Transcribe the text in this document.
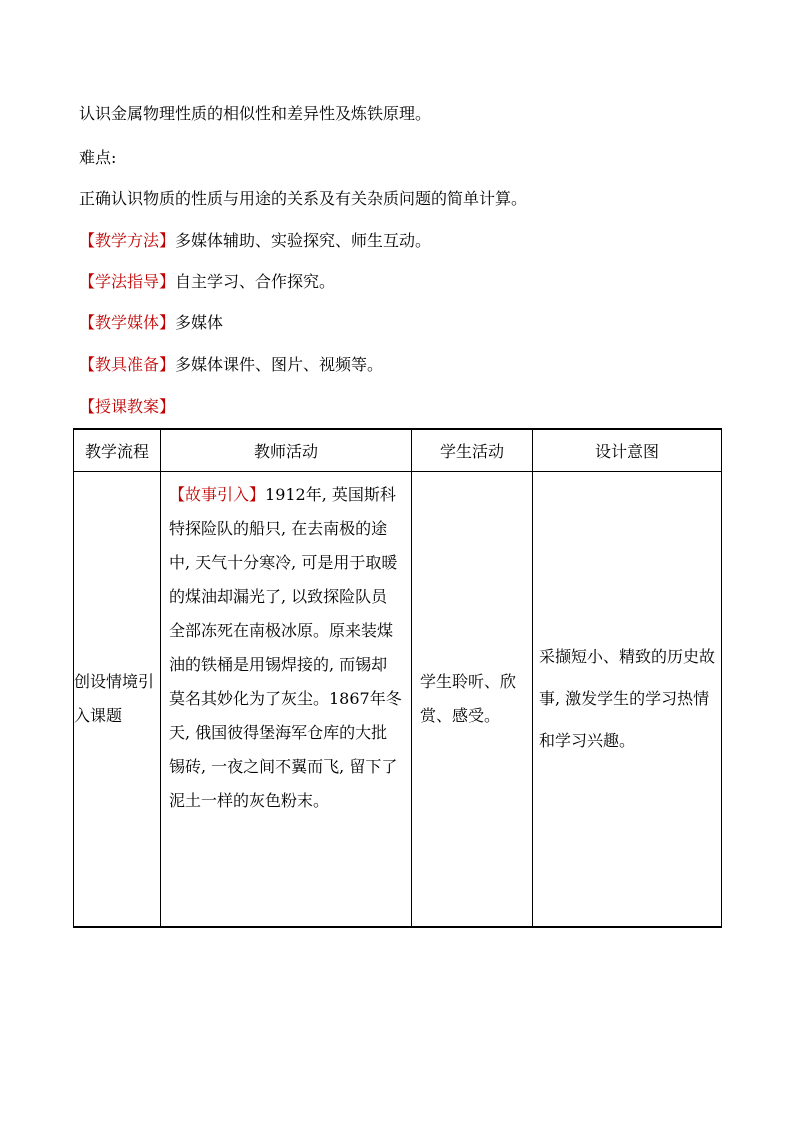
认识金属物理性质的相似性和差异性及炼铁原理。
难点:
正确认识物质的性质与用途的关系及有关杂质问题的简单计算。
【教学方法】多媒体辅助、实验探究、师生互动。
【学法指导】自主学习、合作探究。
【教学媒体】多媒体
【教具准备】多媒体课件、图片、视频等。
【授课教案】
教学流程	教师活动	学生活动	设计意图
创设情境引入课题	【故事引入】1912年, 英国斯科特探险队的船只, 在去南极的途中, 天气十分寒冷, 可是用于取暖的煤油却漏光了, 以致探险队员全部冻死在南极冰原。原来装煤油的铁桶是用锡焊接的, 而锡却莫名其妙化为了灰尘。1867年冬天, 俄国彼得堡海军仓库的大批锡砖, 一夜之间不翼而飞, 留下了泥土一样的灰色粉末。	学生聆听、欣赏、感受。	采撷短小、精致的历史故事, 激发学生的学习热情和学习兴趣。
